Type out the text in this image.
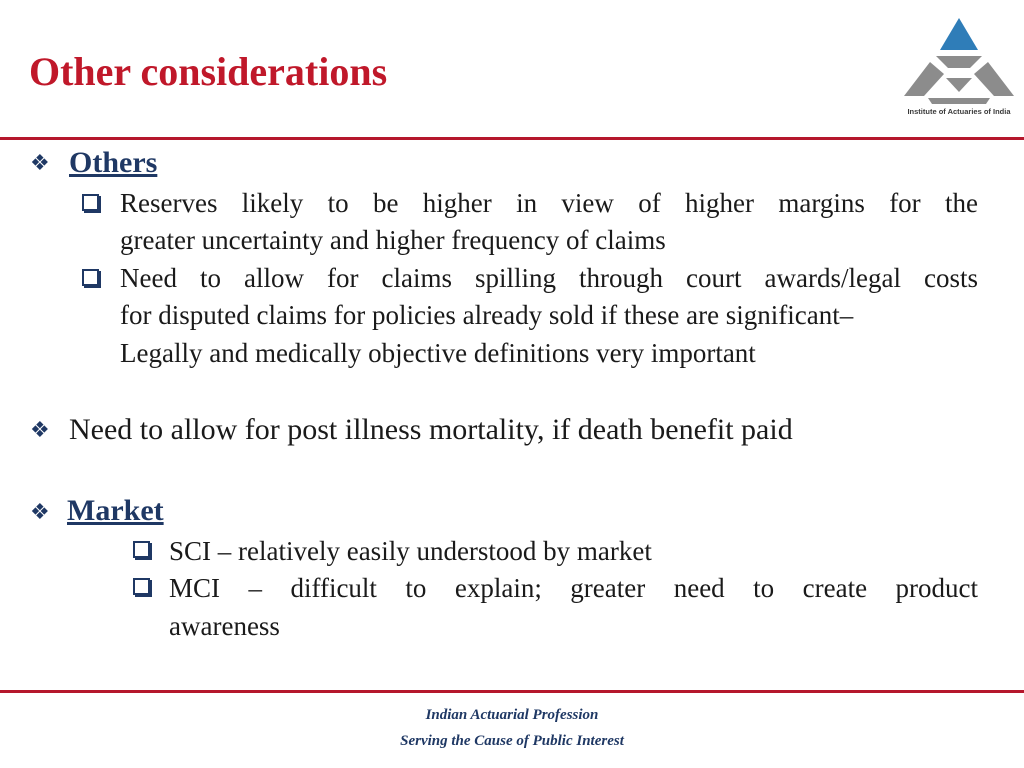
Other considerations
Institute of Actuaries of India
❖ Others
Reserves likely to be higher in view of higher margins for the
greater uncertainty and higher frequency of claims
Need to allow for claims spilling through court awards/legal costs
for disputed claims for policies already sold if these are significant–
Legally and medically objective definitions very important
❖ Need to allow for post illness mortality, if death benefit paid
❖ Market
SCI – relatively easily understood by market
MCI – difficult to explain; greater need to create product
awareness
Indian Actuarial Profession
Serving the Cause of Public Interest
